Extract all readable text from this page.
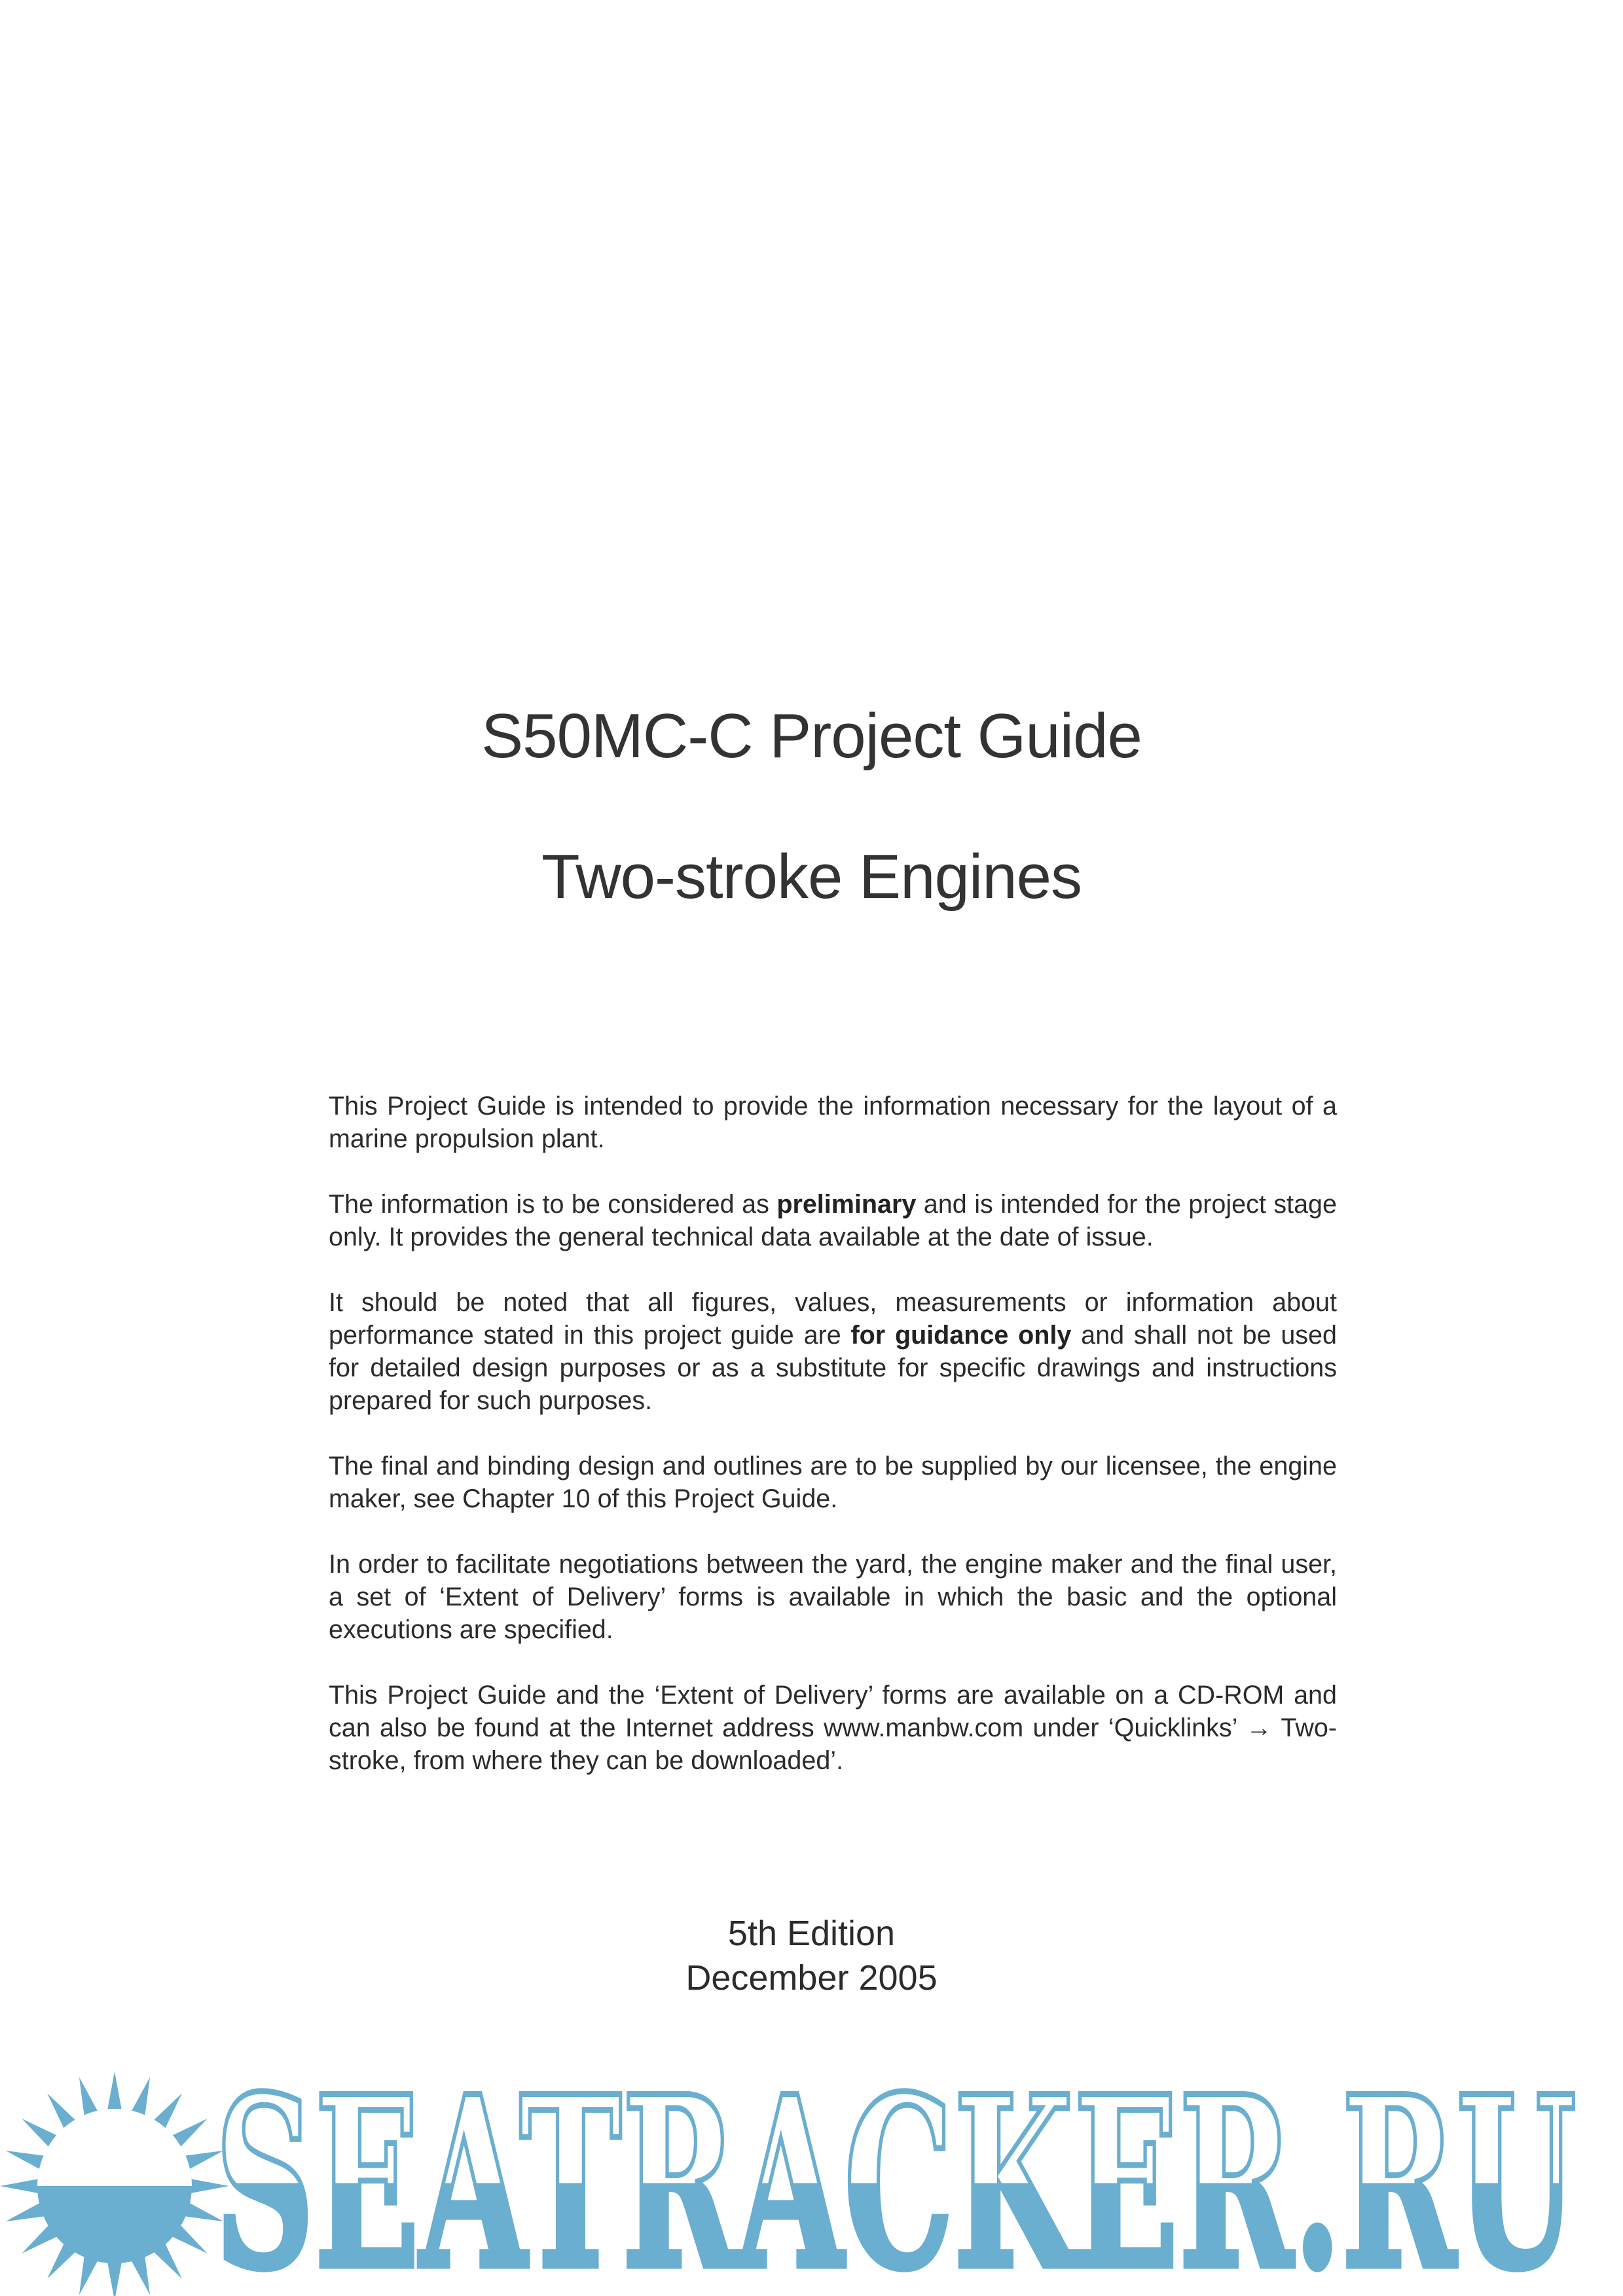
S50MC-C Project Guide
Two-stroke Engines

This Project Guide is intended to provide the information necessary for the layout of a marine propulsion plant.

The information is to be considered as preliminary and is intended for the project stage only. It provides the general technical data available at the date of issue.

It should be noted that all figures, values, measurements or information about performance stated in this project guide are for guidance only and shall not be used for detailed design purposes or as a substitute for specific drawings and instructions prepared for such purposes.

The final and binding design and outlines are to be supplied by our licensee, the engine maker, see Chapter 10 of this Project Guide.

In order to facilitate negotiations between the yard, the engine maker and the final user, a set of ‘Extent of Delivery’ forms is available in which the basic and the optional executions are specified.

This Project Guide and the ‘Extent of Delivery’ forms are available on a CD-ROM and can also be found at the Internet address www.manbw.com under ‘Quicklinks’ → Two-stroke, from where they can be downloaded’.

5th Edition
December 2005
SEATRACKER.RU
